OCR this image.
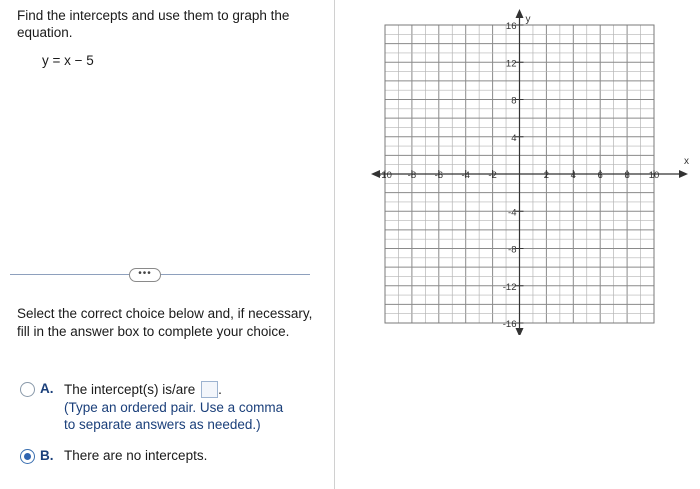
Find the intercepts and use them to graph the equation.
y = x − 5
•••
Select the correct choice below and, if necessary, fill in the answer box to complete your choice.
A. The intercept(s) is/are .
(Type an ordered pair. Use a comma
to separate answers as needed.)
B. There are no intercepts.
x
y
-10 -8 -6 -4 -2	2 4 6 8 10
16
12
8
4
-4
-8
-12
-16
